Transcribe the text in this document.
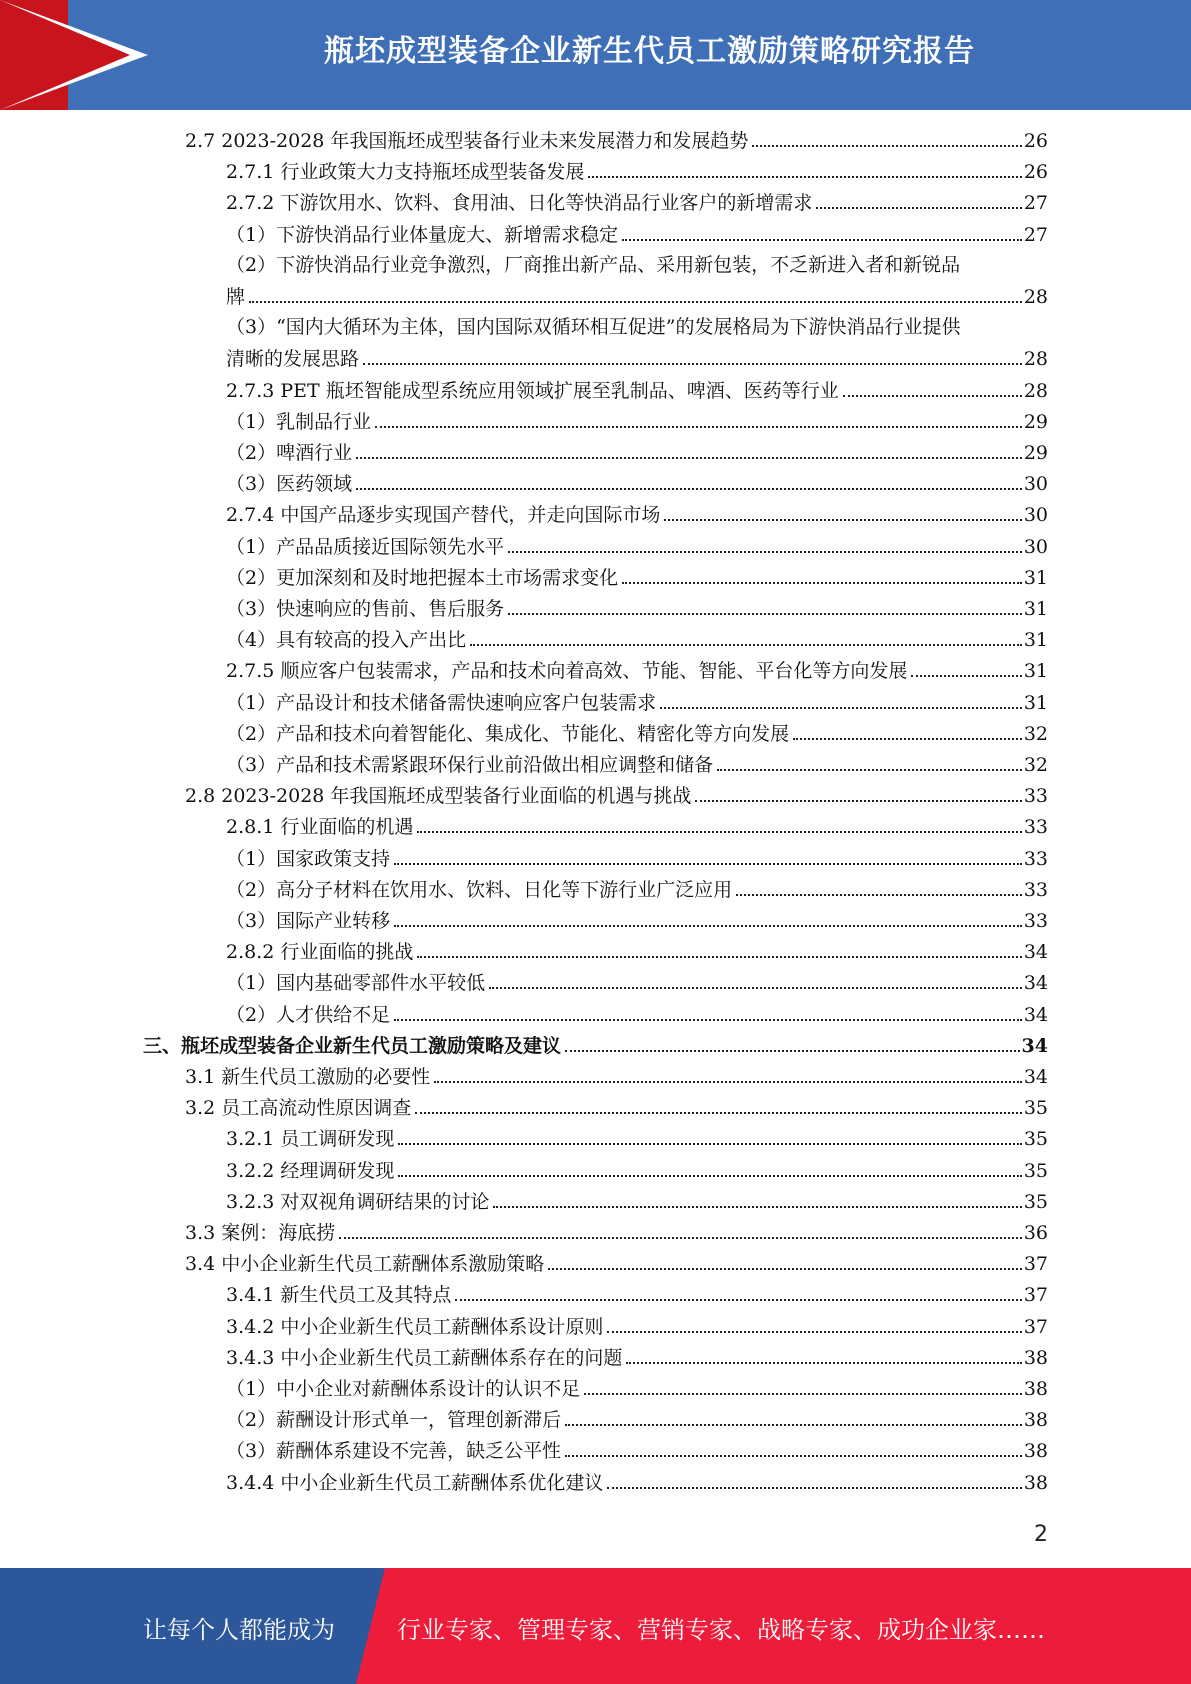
瓶坯成型装备企业新生代员工激励策略研究报告
2.7 2023-2028 年我国瓶坯成型装备行业未来发展潜力和发展趋势	26
2.7.1 行业政策大力支持瓶坯成型装备发展	26
2.7.2 下游饮用水、饮料、食用油、日化等快消品行业客户的新增需求	27
（1）下游快消品行业体量庞大、新增需求稳定	27
（2）下游快消品行业竞争激烈，厂商推出新产品、采用新包装，不乏新进入者和新锐品
牌	28
（3）“国内大循环为主体，国内国际双循环相互促进”的发展格局为下游快消品行业提供
清晰的发展思路	28
2.7.3 PET 瓶坯智能成型系统应用领域扩展至乳制品、啤酒、医药等行业	28
（1）乳制品行业	29
（2）啤酒行业	29
（3）医药领域	30
2.7.4 中国产品逐步实现国产替代，并走向国际市场	30
（1）产品品质接近国际领先水平	30
（2）更加深刻和及时地把握本土市场需求变化	31
（3）快速响应的售前、售后服务	31
（4）具有较高的投入产出比	31
2.7.5 顺应客户包装需求，产品和技术向着高效、节能、智能、平台化等方向发展	31
（1）产品设计和技术储备需快速响应客户包装需求	31
（2）产品和技术向着智能化、集成化、节能化、精密化等方向发展	32
（3）产品和技术需紧跟环保行业前沿做出相应调整和储备	32
2.8 2023-2028 年我国瓶坯成型装备行业面临的机遇与挑战	33
2.8.1 行业面临的机遇	33
（1）国家政策支持	33
（2）高分子材料在饮用水、饮料、日化等下游行业广泛应用	33
（3）国际产业转移	33
2.8.2 行业面临的挑战	34
（1）国内基础零部件水平较低	34
（2）人才供给不足	34
三、瓶坯成型装备企业新生代员工激励策略及建议	34
3.1 新生代员工激励的必要性	34
3.2 员工高流动性原因调查	35
3.2.1 员工调研发现	35
3.2.2 经理调研发现	35
3.2.3 对双视角调研结果的讨论	35
3.3 案例：海底捞	36
3.4 中小企业新生代员工薪酬体系激励策略	37
3.4.1 新生代员工及其特点	37
3.4.2 中小企业新生代员工薪酬体系设计原则	37
3.4.3 中小企业新生代员工薪酬体系存在的问题	38
（1）中小企业对薪酬体系设计的认识不足	38
（2）薪酬设计形式单一，管理创新滞后	38
（3）薪酬体系建设不完善，缺乏公平性	38
3.4.4 中小企业新生代员工薪酬体系优化建议	38
2
让每个人都能成为	行业专家、管理专家、营销专家、战略专家、成功企业家……
